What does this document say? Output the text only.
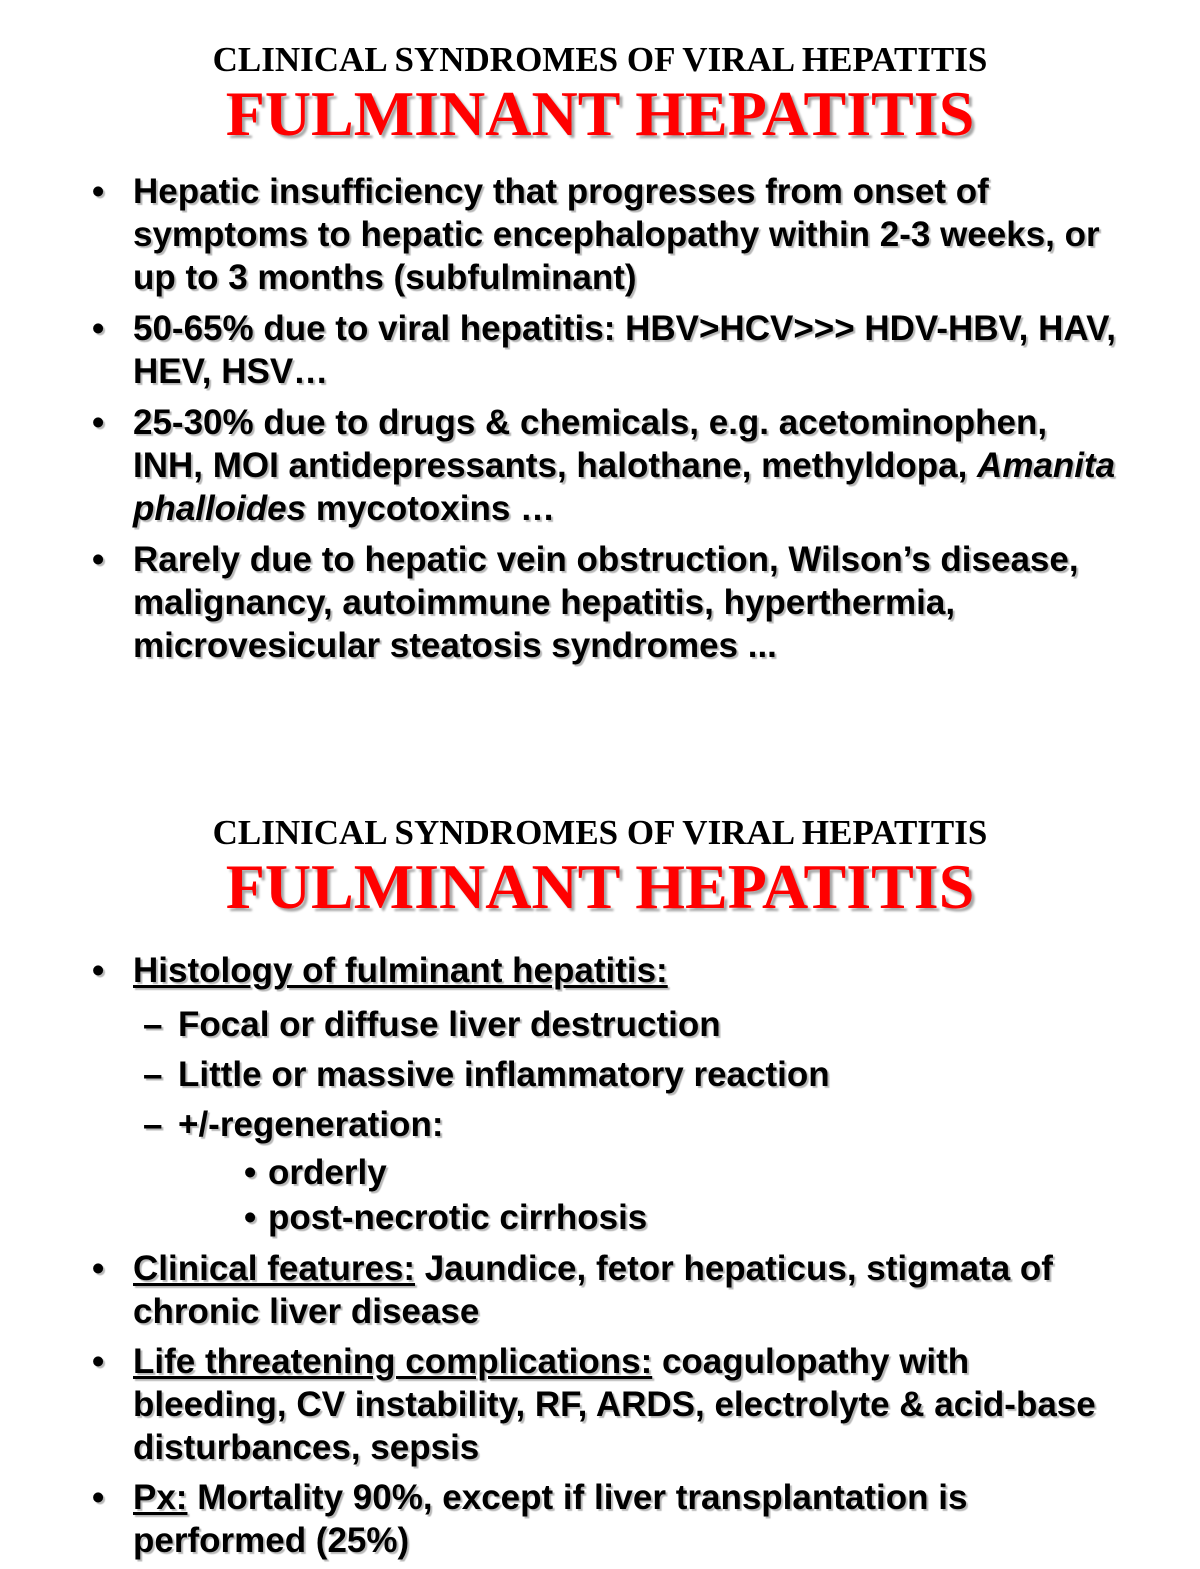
CLINICAL SYNDROMES OF VIRAL HEPATITIS
FULMINANT HEPATITIS
• Hepatic insufficiency that progresses from onset of symptoms to hepatic encephalopathy within 2-3 weeks, or up to 3 months (subfulminant)
• 50-65% due to viral hepatitis: HBV>HCV>>> HDV-HBV, HAV, HEV, HSV…
• 25-30% due to drugs & chemicals, e.g. acetominophen, INH, MOI antidepressants, halothane, methyldopa, Amanita phalloides mycotoxins …
• Rarely due to hepatic vein obstruction, Wilson’s disease, malignancy, autoimmune hepatitis, hyperthermia, microvesicular steatosis syndromes ...
CLINICAL SYNDROMES OF VIRAL HEPATITIS
FULMINANT HEPATITIS
• Histology of fulminant hepatitis:
– Focal or diffuse liver destruction
– Little or massive inflammatory reaction
– +/-regeneration:
• orderly
• post-necrotic cirrhosis
• Clinical features: Jaundice, fetor hepaticus, stigmata of chronic liver disease
• Life threatening complications: coagulopathy with bleeding, CV instability, RF, ARDS, electrolyte & acid-base disturbances, sepsis
• Px: Mortality 90%, except if liver transplantation is performed (25%)
